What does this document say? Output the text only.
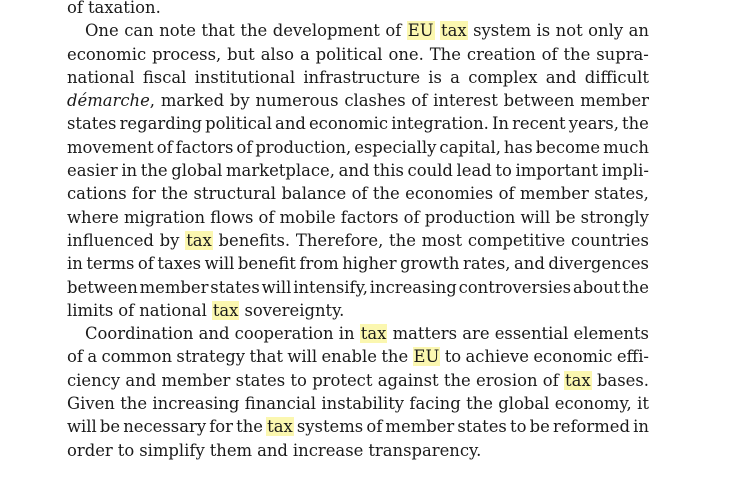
of taxation.
One can note that the development of EU tax system is not only an
economic process, but also a political one. The creation of the supra-
national fiscal institutional infrastructure is a complex and difficult
démarche, marked by numerous clashes of interest between member
states regarding political and economic integration. In recent years, the
movement of factors of production, especially capital, has become much
easier in the global marketplace, and this could lead to important impli-
cations for the structural balance of the economies of member states,
where migration flows of mobile factors of production will be strongly
influenced by tax benefits. Therefore, the most competitive countries
in terms of taxes will benefit from higher growth rates, and divergences
between member states will intensify, increasing controversies about the
limits of national tax sovereignty.
Coordination and cooperation in tax matters are essential elements
of a common strategy that will enable the EU to achieve economic effi-
ciency and member states to protect against the erosion of tax bases.
Given the increasing financial instability facing the global economy, it
will be necessary for the tax systems of member states to be reformed in
order to simplify them and increase transparency.
